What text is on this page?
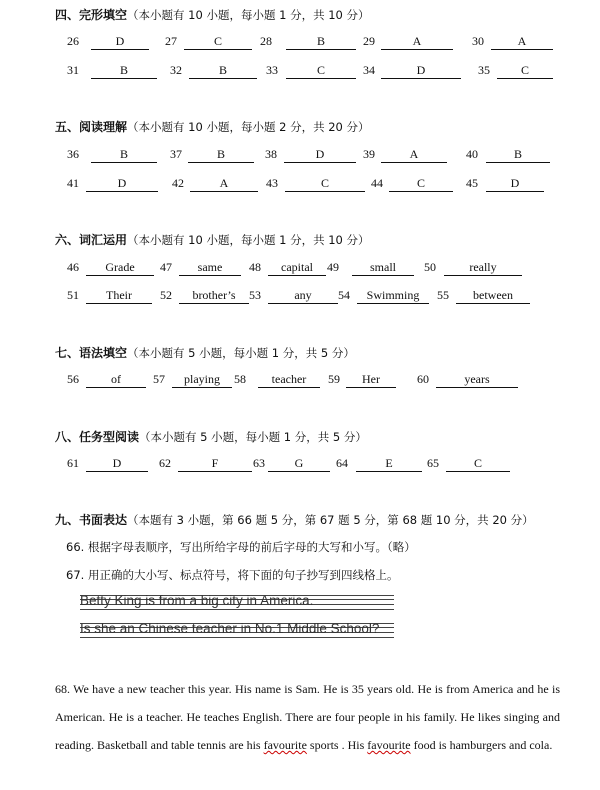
四、完形填空（本小题有 10 小题，每小题 1 分，共 10 分）
26	D	27	C	28	B	29	A	30	A
31	B	32	B	33	C	34	D	35	C
五、阅读理解（本小题有 10 小题，每小题 2 分，共 20 分）
36	B	37	B	38	D	39	A	40	B
41	D	42	A	43	C	44	C	45	D
六、词汇运用（本小题有 10 小题，每小题 1 分，共 10 分）
46	Grade	47	same	48	capital	49	small	50	really
51	Their	52	brother’s	53	any	54	Swimming	55	between
七、语法填空（本小题有 5 小题，每小题 1 分，共 5 分）
56	of	57	playing	58	teacher	59	Her	60	years
八、任务型阅读（本小题有 5 小题，每小题 1 分，共 5 分）
61	D	62	F	63	G	64	E	65	C
九、书面表达（本题有 3 小题，第 66 题 5 分，第 67 题 5 分，第 68 题 10 分，共 20 分）
66. 根据字母表顺序，写出所给字母的前后字母的大写和小写。（略）
67. 用正确的大小写、标点符号，将下面的句子抄写到四线格上。
Betty King is from a big city in America.
Is she an Chinese teacher in No.1 Middle School?

68. We have a new teacher this year. His name is Sam. He is 35 years old. He is from America and he is American. He is a teacher. He teaches English. There are four people in his family. He likes singing and reading. Basketball and table tennis are his favourite sports . His favourite food is hamburgers and cola.
